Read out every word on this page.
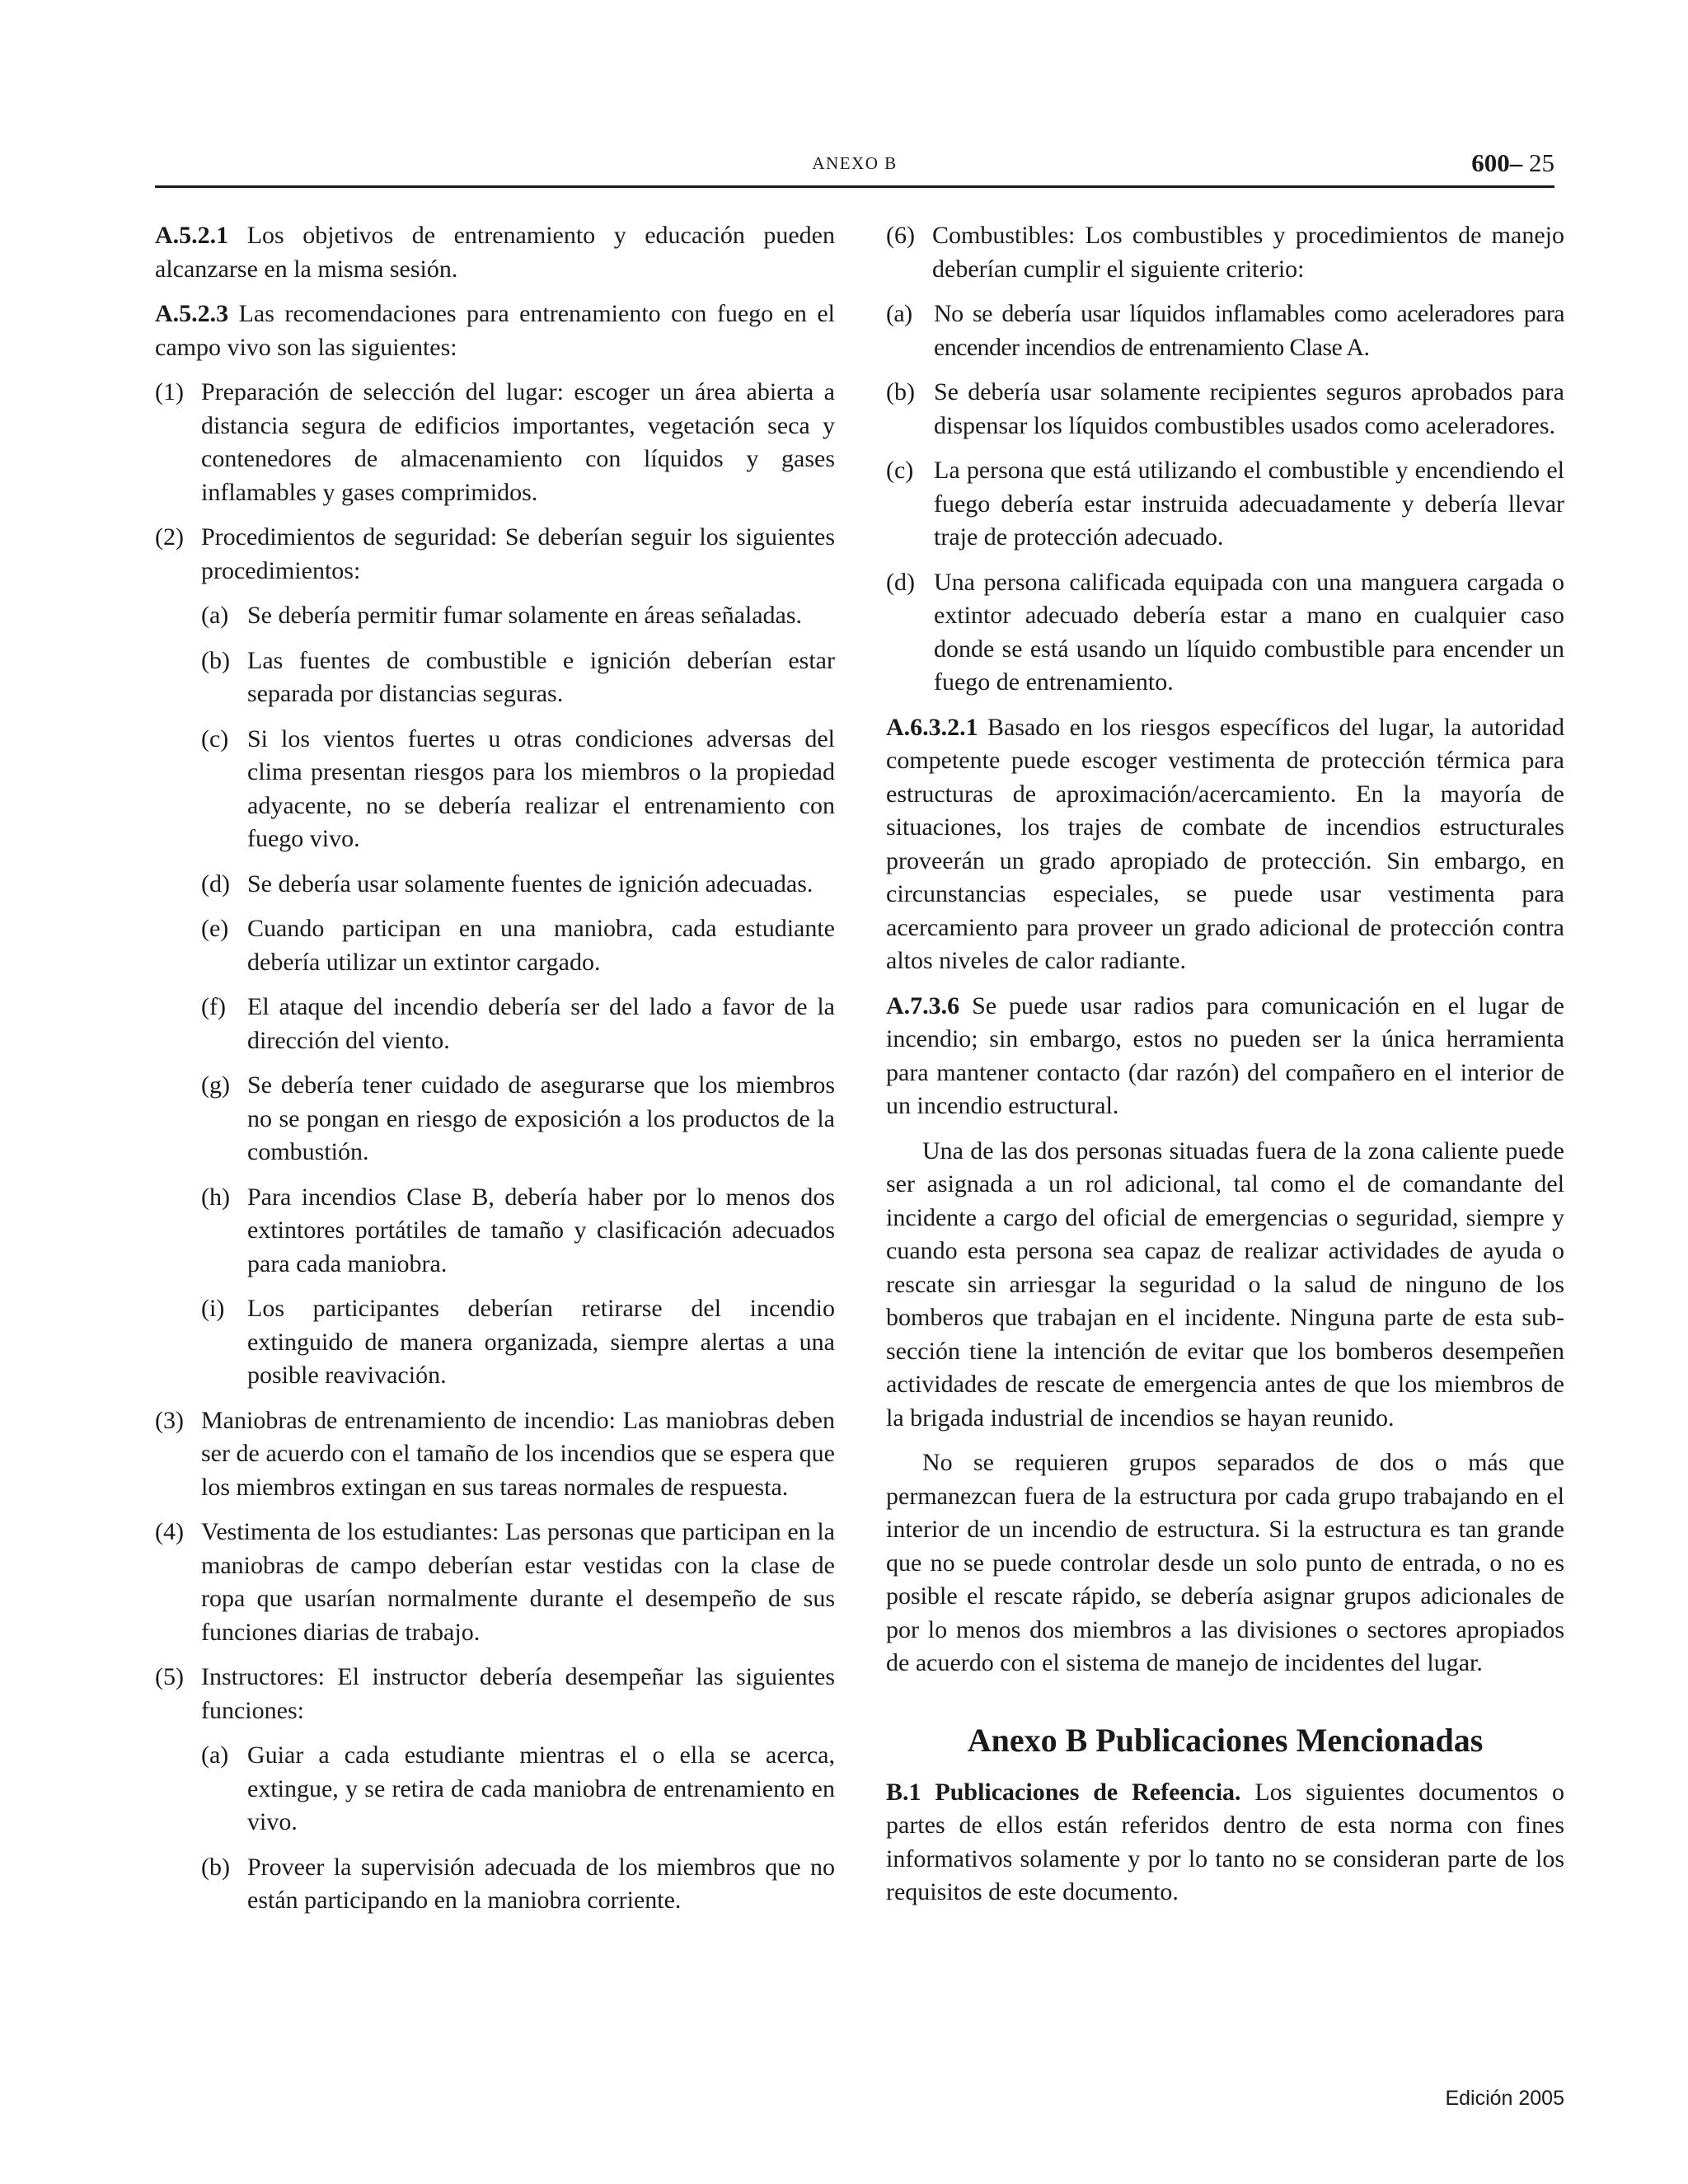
ANEXO B	600– 25

A.5.2.1 Los objetivos de entrenamiento y educación pueden alcanzarse en la misma sesión.

A.5.2.3 Las recomendaciones para entrenamiento con fuego en el campo vivo son las siguientes:

(1) Preparación de selección del lugar: escoger un área abierta a distancia segura de edificios importantes, vegetación seca y contenedores de almacenamiento con líquidos y gases inflamables y gases comprimidos.
(2) Procedimientos de seguridad: Se deberían seguir los siguientes procedimientos:
(a) Se debería permitir fumar solamente en áreas señaladas.
(b) Las fuentes de combustible e ignición deberían estar separada por distancias seguras.
(c) Si los vientos fuertes u otras condiciones adversas del clima presentan riesgos para los miembros o la propiedad adyacente, no se debería realizar el entrenamiento con fuego vivo.
(d) Se debería usar solamente fuentes de ignición adecuadas.
(e) Cuando participan en una maniobra, cada estudiante debería utilizar un extintor cargado.
(f) El ataque del incendio debería ser del lado a favor de la dirección del viento.
(g) Se debería tener cuidado de asegurarse que los miembros no se pongan en riesgo de exposición a los productos de la combustión.
(h) Para incendios Clase B, debería haber por lo menos dos extintores portátiles de tamaño y clasificación adecuados para cada maniobra.
(i) Los participantes deberían retirarse del incendio extinguido de manera organizada, siempre alertas a una posible reavivación.
(3) Maniobras de entrenamiento de incendio: Las maniobras deben ser de acuerdo con el tamaño de los incendios que se espera que los miembros extingan en sus tareas normales de respuesta.
(4) Vestimenta de los estudiantes: Las personas que participan en la maniobras de campo deberían estar vestidas con la clase de ropa que usarían normalmente durante el desempeño de sus funciones diarias de trabajo.
(5) Instructores: El instructor debería desempeñar las siguientes funciones:
(a) Guiar a cada estudiante mientras el o ella se acerca, extingue, y se retira de cada maniobra de entrenamiento en vivo.
(b) Proveer la supervisión adecuada de los miembros que no están participando en la maniobra corriente.
(6) Combustibles: Los combustibles y procedimientos de manejo deberían cumplir el siguiente criterio:
(a) No se debería usar líquidos inflamables como aceleradores para encender incendios de entrenamiento Clase A.
(b) Se debería usar solamente recipientes seguros aprobados para dispensar los líquidos combustibles usados como aceleradores.
(c) La persona que está utilizando el combustible y encendiendo el fuego debería estar instruida adecuadamente y debería llevar traje de protección adecuado.
(d) Una persona calificada equipada con una manguera cargada o extintor adecuado debería estar a mano en cualquier caso donde se está usando un líquido combustible para encender un fuego de entrenamiento.

A.6.3.2.1 Basado en los riesgos específicos del lugar, la autoridad competente puede escoger vestimenta de protección térmica para estructuras de aproximación/acercamiento. En la mayoría de situaciones, los trajes de combate de incendios estructurales proveerán un grado apropiado de protección. Sin embargo, en circunstancias especiales, se puede usar vestimenta para acercamiento para proveer un grado adicional de protección contra altos niveles de calor radiante.

A.7.3.6 Se puede usar radios para comunicación en el lugar de incendio; sin embargo, estos no pueden ser la única herramienta para mantener contacto (dar razón) del compañero en el interior de un incendio estructural.

Una de las dos personas situadas fuera de la zona caliente puede ser asignada a un rol adicional, tal como el de comandante del incidente a cargo del oficial de emergencias o seguridad, siempre y cuando esta persona sea capaz de realizar actividades de ayuda o rescate sin arriesgar la seguridad o la salud de ninguno de los bomberos que trabajan en el incidente. Ninguna parte de esta sub-sección tiene la intención de evitar que los bomberos desempeñen actividades de rescate de emergencia antes de que los miembros de la brigada industrial de incendios se hayan reunido.

No se requieren grupos separados de dos o más que permanezcan fuera de la estructura por cada grupo trabajando en el interior de un incendio de estructura. Si la estructura es tan grande que no se puede controlar desde un solo punto de entrada, o no es posible el rescate rápido, se debería asignar grupos adicionales de por lo menos dos miembros a las divisiones o sectores apropiados de acuerdo con el sistema de manejo de incidentes del lugar.

Anexo B Publicaciones Mencionadas

B.1 Publicaciones de Refeencia. Los siguientes documentos o partes de ellos están referidos dentro de esta norma con fines informativos solamente y por lo tanto no se consideran parte de los requisitos de este documento.

Edición 2005
